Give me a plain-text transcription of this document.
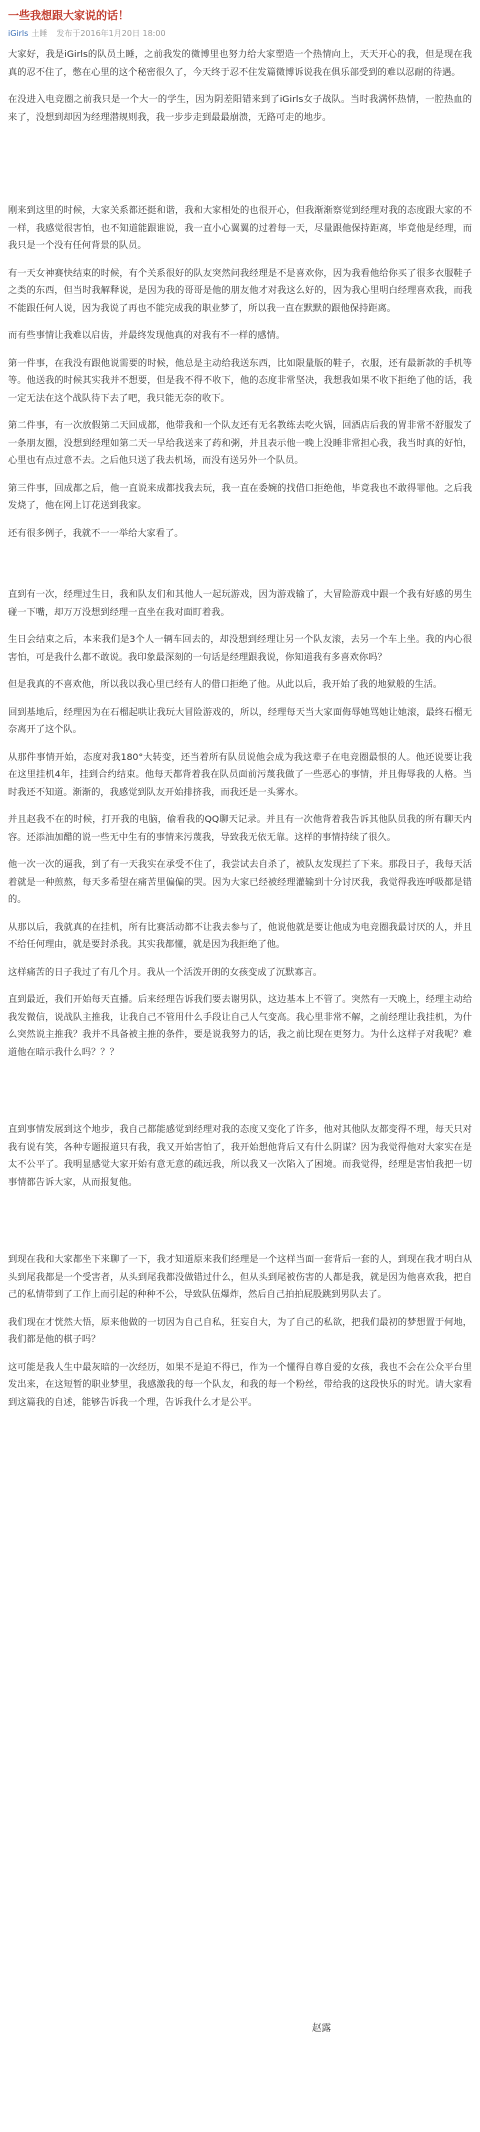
一些我想跟大家说的话！
iGirls 土睡 发布于2016年1月20日 18:00

大家好，我是iGirls的队员土睡，之前我发的微博里也努力给大家塑造一个热情向上，天天开心的我，但是现在我真的忍不住了，憋在心里的这个秘密很久了，今天终于忍不住发篇微博诉说我在俱乐部受到的难以忍耐的待遇。

在没进入电竞圈之前我只是一个大一的学生，因为阴差阳错来到了iGirls女子战队。当时我满怀热情，一腔热血的来了，没想到却因为经理潜规则我，我一步步走到最最崩溃，无路可走的地步。

刚来到这里的时候，大家关系都还挺和谐，我和大家相处的也很开心，但我渐渐察觉到经理对我的态度跟大家的不一样，我感觉很害怕，也不知道能跟谁说，我一直小心翼翼的过着每一天，尽量跟他保持距离，毕竟他是经理，而我只是一个没有任何背景的队员。

有一天女神赛快结束的时候，有个关系很好的队友突然问我经理是不是喜欢你，因为我看他给你买了很多衣服鞋子之类的东西，但当时我解释说，是因为我的哥哥是他的朋友他才对我这么好的，因为我心里明白经理喜欢我，而我不能跟任何人说，因为我说了再也不能完成我的职业梦了，所以我一直在默默的跟他保持距离。

而有些事情让我难以启齿，并最终发现他真的对我有不一样的感情。

第一件事，在我没有跟他说需要的时候，他总是主动给我送东西，比如限量版的鞋子，衣服，还有最新款的手机等等。他送我的时候其实我并不想要，但是我不得不收下，他的态度非常坚决，我想我如果不收下拒绝了他的话，我一定无法在这个战队待下去了吧，我只能无奈的收下。

第二件事，有一次放假第二天回成都，他带我和一个队友还有无名教练去吃火锅，回酒店后我的胃非常不舒服发了一条朋友圈，没想到经理如第二天一早给我送来了药和粥，并且表示他一晚上没睡非常担心我，我当时真的好怕，心里也有点过意不去。之后他只送了我去机场，而没有送另外一个队员。

第三件事，回成都之后，他一直说来成都找我去玩，我一直在委婉的找借口拒绝他，毕竟我也不敢得罪他。之后我发烧了，他在网上订花送到我家。

还有很多例子，我就不一一举给大家看了。

直到有一次，经理过生日，我和队友们和其他人一起玩游戏，因为游戏输了，大冒险游戏中跟一个我有好感的男生碰一下嘴，却万万没想到经理一直坐在我对面盯着我。

生日会结束之后，本来我们是3个人一辆车回去的，却没想到经理让另一个队友滚，去另一个车上坐。我的内心很害怕，可是我什么都不敢说。我印象最深刻的一句话是经理跟我说，你知道我有多喜欢你吗？

但是我真的不喜欢他，所以我以我心里已经有人的借口拒绝了他。从此以后，我开始了我的地狱般的生活。

回到基地后，经理因为在石榴起哄让我玩大冒险游戏的，所以，经理每天当大家面侮辱她骂她让她滚，最终石榴无奈离开了这个队。

从那件事情开始，态度对我180°大转变，还当着所有队员说他会成为我这辈子在电竞圈最恨的人。他还说要让我在这里挂机4年，挂到合约结束。他每天都背着我在队员面前污蔑我做了一些恶心的事情，并且侮辱我的人格。当时我还不知道。渐渐的，我感觉到队友开始排挤我，而我还是一头雾水。

并且赵我不在的时候，打开我的电脑，偷看我的QQ聊天记录。并且有一次他背着我告诉其他队员我的所有聊天内容。还添油加醋的说一些无中生有的事情来污蔑我，导致我无依无靠。这样的事情持续了很久。

他一次一次的逼我，到了有一天我实在承受不住了，我尝试去自杀了，被队友发现拦了下来。那段日子，我每天活着就是一种煎熬，每天多希望在痛苦里偏偏的哭。因为大家已经被经理灌输到十分讨厌我，我觉得我连呼吸都是错的。

从那以后，我就真的在挂机，所有比赛活动都不让我去参与了，他说他就是要让他成为电竞圈我最讨厌的人，并且不给任何理由，就是要封杀我。其实我都懂，就是因为我拒绝了他。

这样痛苦的日子我过了有几个月。我从一个活泼开朗的女孩变成了沉默寡言。

直到最近，我们开始每天直播。后来经理告诉我们要去谢男队，这边基本上不管了。突然有一天晚上，经理主动给我发微信，说战队主推我，让我自己不管用什么手段让自己人气变高。我心里非常不解，之前经理让我挂机，为什么突然说主推我？我并不具备被主推的条件，要是说我努力的话，我之前比现在更努力。为什么这样子对我呢？难道他在暗示我什么吗？？？

直到事情发展到这个地步，我自己都能感觉到经理对我的态度又变化了许多，他对其他队友都变得不理，每天只对我有说有笑，各种专题报道只有我，我又开始害怕了，我开始想他背后又有什么阴谋？因为我觉得他对大家实在是太不公平了。我明显感觉大家开始有意无意的疏远我，所以我又一次陷入了困境。而我觉得，经理是害怕我把一切事情都告诉大家，从而报复他。

到现在我和大家都坐下来聊了一下，我才知道原来我们经理是一个这样当面一套背后一套的人，到现在我才明白从头到尾我都是一个受害者，从头到尾我都没做错过什么，但从头到尾被伤害的人都是我，就是因为他喜欢我，把自己的私情带到了工作上而引起的种种不公，导致队伍爆炸，然后自己拍拍屁股跳到男队去了。

我们现在才恍然大悟，原来他做的一切因为自己自私，狂妄自大，为了自己的私欲，把我们最初的梦想置于何地，我们都是他的棋子吗？

这可能是我人生中最灰暗的一次经历，如果不是迫不得已，作为一个懂得自尊自爱的女孩，我也不会在公众平台里发出来，在这短暂的职业梦里，我感激我的每一个队友，和我的每一个粉丝，带给我的这段快乐的时光。请大家看到这篇我的自述，能够告诉我一个理，告诉我什么才是公平。

赵露
